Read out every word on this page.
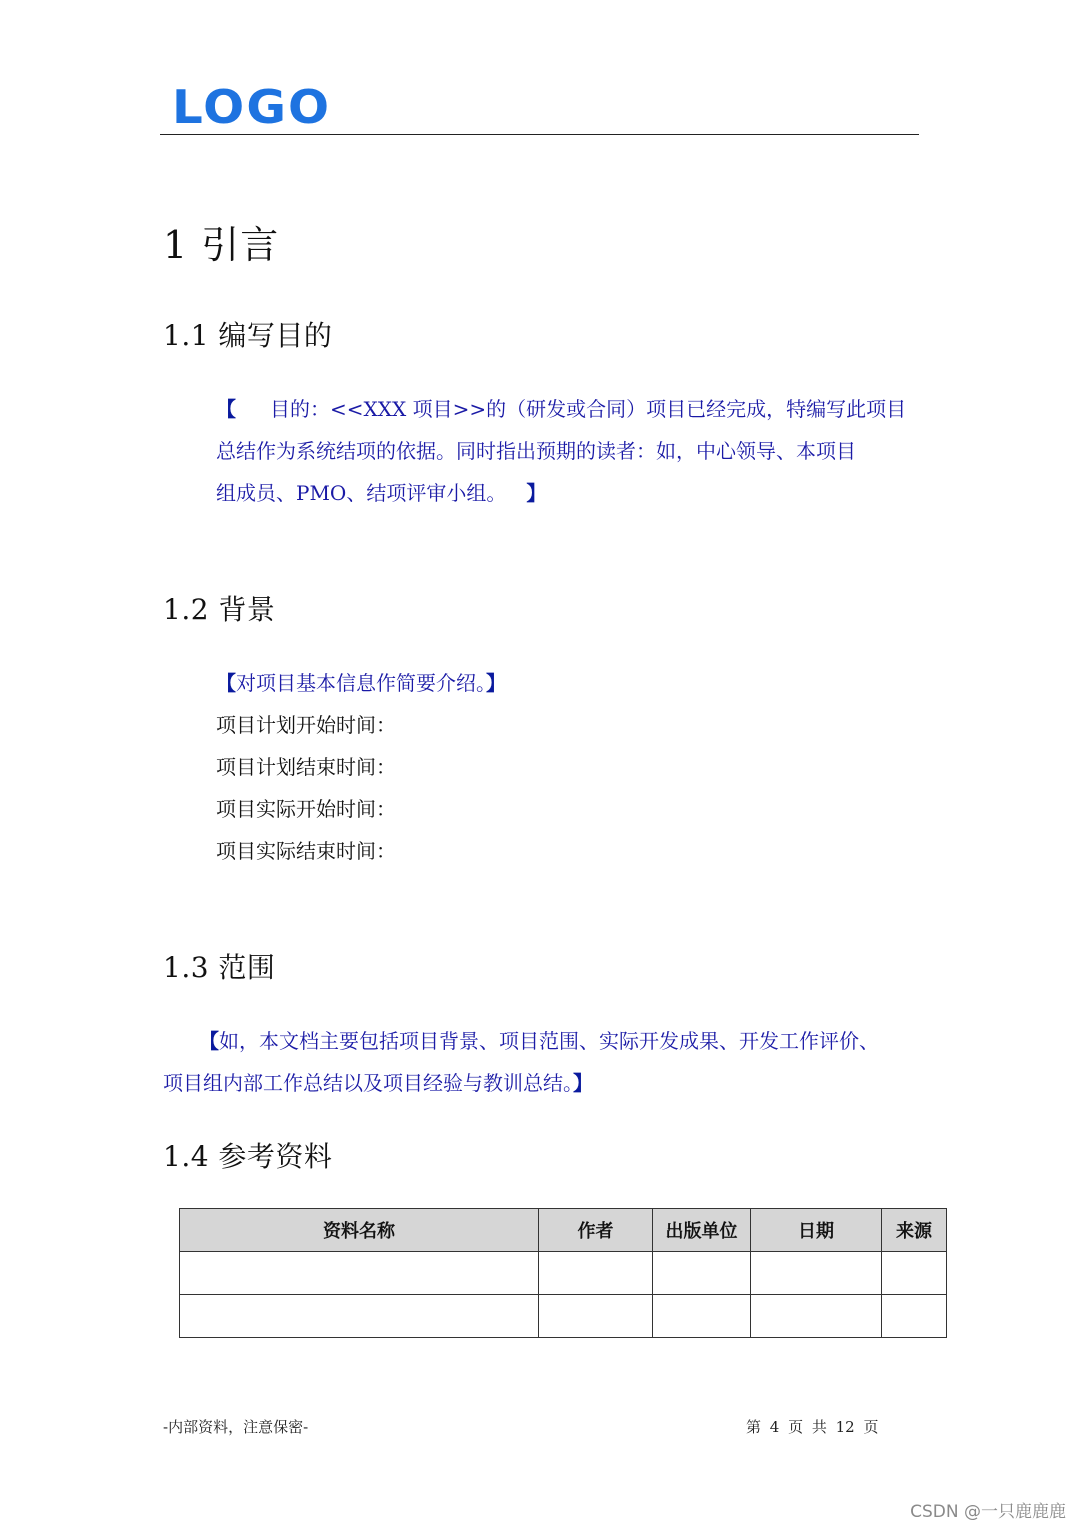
LOGO
1 引言
1.1 编写目的
【 目的：<<XXX 项目>>的（研发或合同）项目已经完成，特编写此项目
总结作为系统结项的依据。同时指出预期的读者：如，中心领导、本项目
组成员、PMO、结项评审小组。 】
1.2 背景
【对项目基本信息作简要介绍。】
项目计划开始时间：
项目计划结束时间：
项目实际开始时间：
项目实际结束时间：
1.3 范围
【如，本文档主要包括项目背景、项目范围、实际开发成果、开发工作评价、
项目组内部工作总结以及项目经验与教训总结。】
1.4 参考资料
资料名称	作者	出版单位	日期	来源

-内部资料，注意保密-	第 4 页 共 12 页
CSDN @一只鹿鹿鹿
